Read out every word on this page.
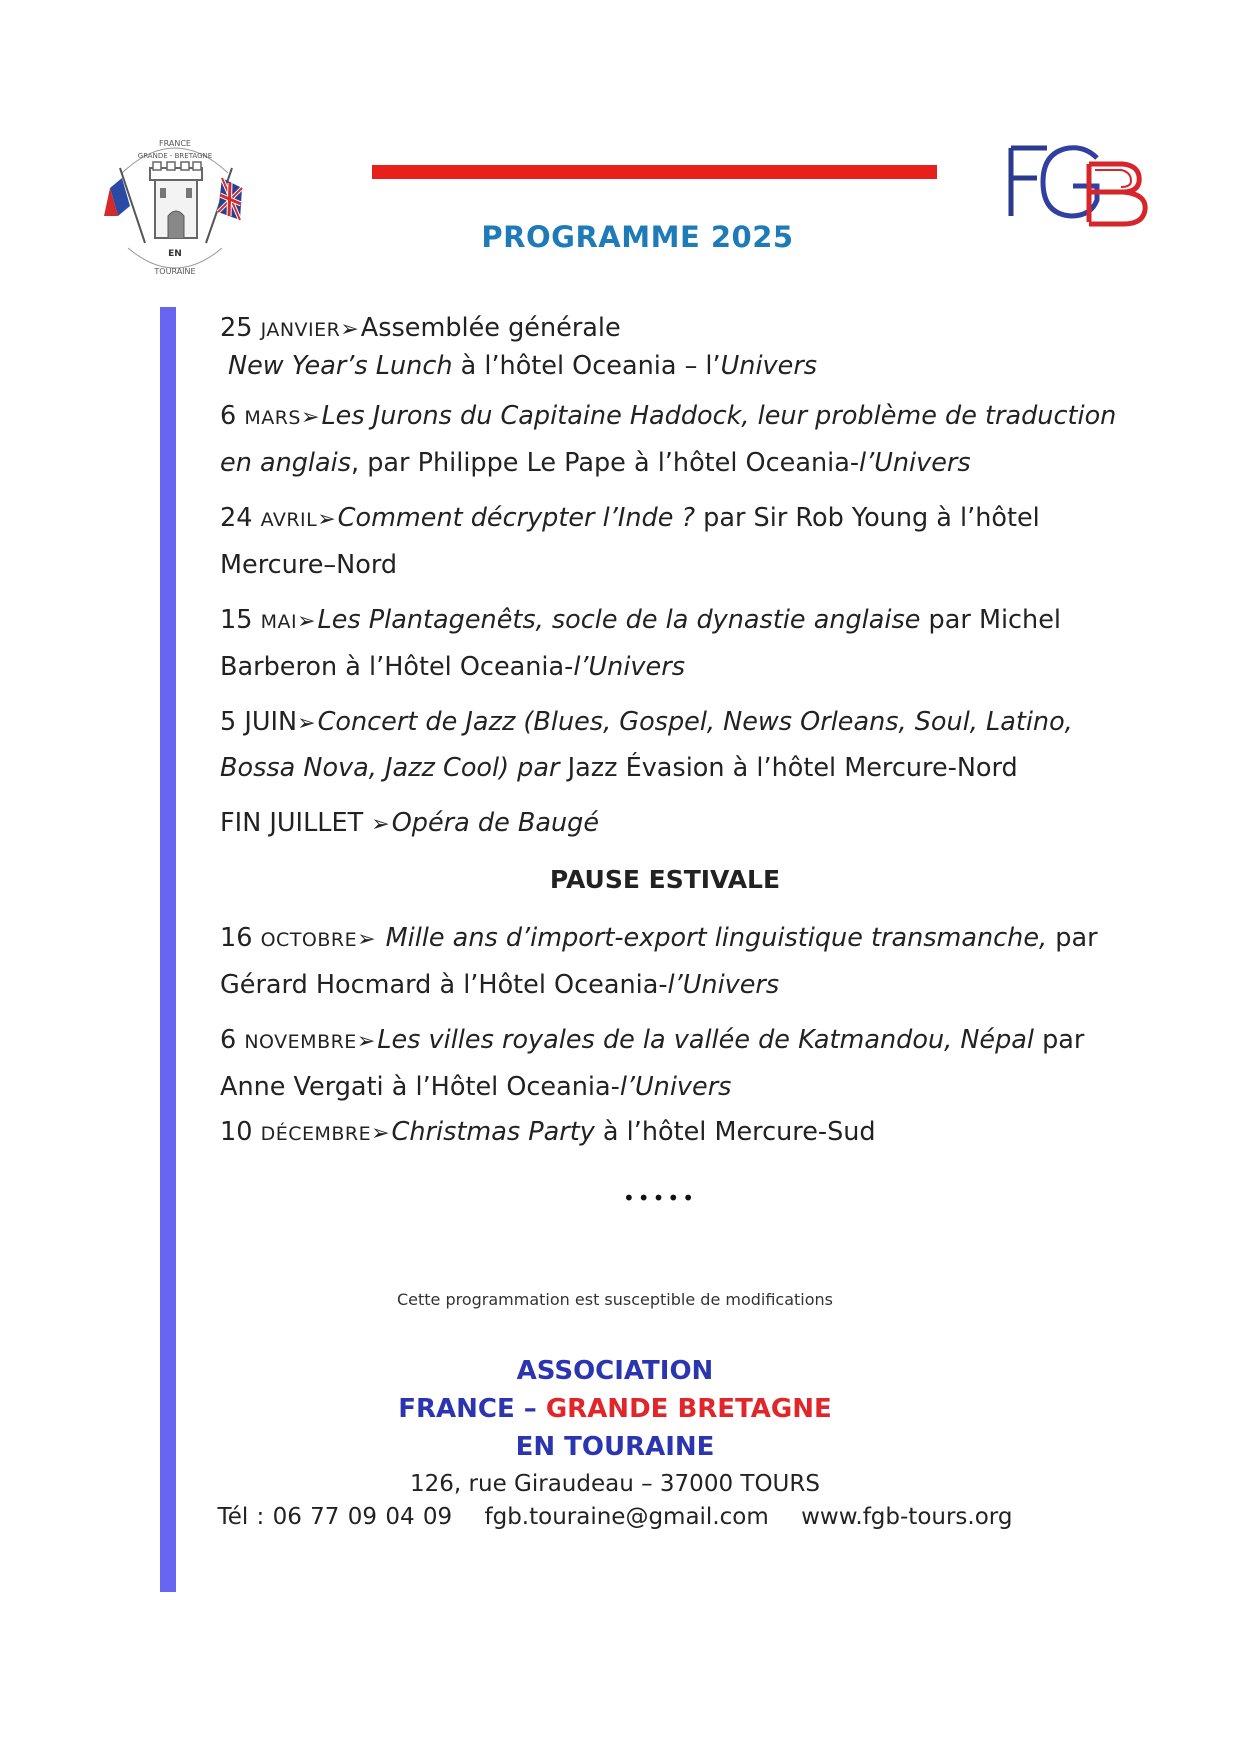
FRANCE
GRANDE - BRETAGNE
EN
TOURAINE
PROGRAMME 2025
25 JANVIER➢Assemblée générale
New Year’s Lunch à l’hôtel Oceania – l’Univers
6 MARS➢Les Jurons du Capitaine Haddock, leur problème de traduction en anglais, par Philippe Le Pape à l’hôtel Oceania-l’Univers
24 AVRIL➢Comment décrypter l’Inde ? par Sir Rob Young à l’hôtel Mercure–Nord
15 MAI➢Les Plantagenêts, socle de la dynastie anglaise par Michel Barberon à l’Hôtel Oceania-l’Univers
5 JUIN➢Concert de Jazz (Blues, Gospel, News Orleans, Soul, Latino, Bossa Nova, Jazz Cool) par Jazz Évasion à l’hôtel Mercure-Nord
FIN JUILLET ➢Opéra de Baugé
PAUSE ESTIVALE
16 OCTOBRE➢ Mille ans d’import-export linguistique transmanche, par Gérard Hocmard à l’Hôtel Oceania-l’Univers
6 NOVEMBRE➢Les villes royales de la vallée de Katmandou, Népal par Anne Vergati à l’Hôtel Oceania-l’Univers
10 DÉCEMBRE➢Christmas Party à l’hôtel Mercure-Sud
•••••
Cette programmation est susceptible de modifications
ASSOCIATION
FRANCE – GRANDE BRETAGNE
EN TOURAINE
126, rue Giraudeau – 37000 TOURS
Tél : 06 77 09 04 09 fgb.touraine@gmail.com www.fgb-tours.org
